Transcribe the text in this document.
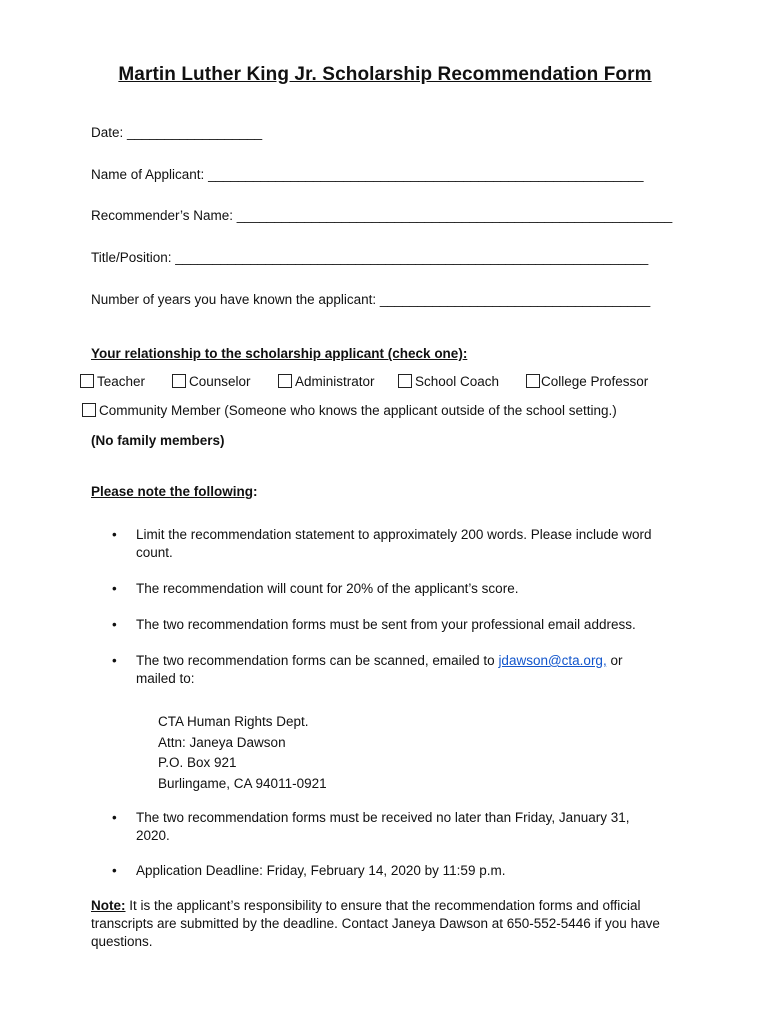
Martin Luther King Jr. Scholarship Recommendation Form
Date: __________________
Name of Applicant: __________________________________________________________
Recommender’s Name: __________________________________________________________
Title/Position: _______________________________________________________________
Number of years you have known the applicant: ____________________________________
Your relationship to the scholarship applicant (check one):
Teacher	Counselor	Administrator	School Coach	College Professor
Community Member (Someone who knows the applicant outside of the school setting.)
(No family members)
Please note the following:
• Limit the recommendation statement to approximately 200 words. Please include word count.
• The recommendation will count for 20% of the applicant’s score.
• The two recommendation forms must be sent from your professional email address.
• The two recommendation forms can be scanned, emailed to jdawson@cta.org, or mailed to:
CTA Human Rights Dept.
Attn: Janeya Dawson
P.O. Box 921
Burlingame, CA 94011-0921
• The two recommendation forms must be received no later than Friday, January 31, 2020.
• Application Deadline: Friday, February 14, 2020 by 11:59 p.m.
Note: It is the applicant’s responsibility to ensure that the recommendation forms and official transcripts are submitted by the deadline. Contact Janeya Dawson at 650-552-5446 if you have questions.
